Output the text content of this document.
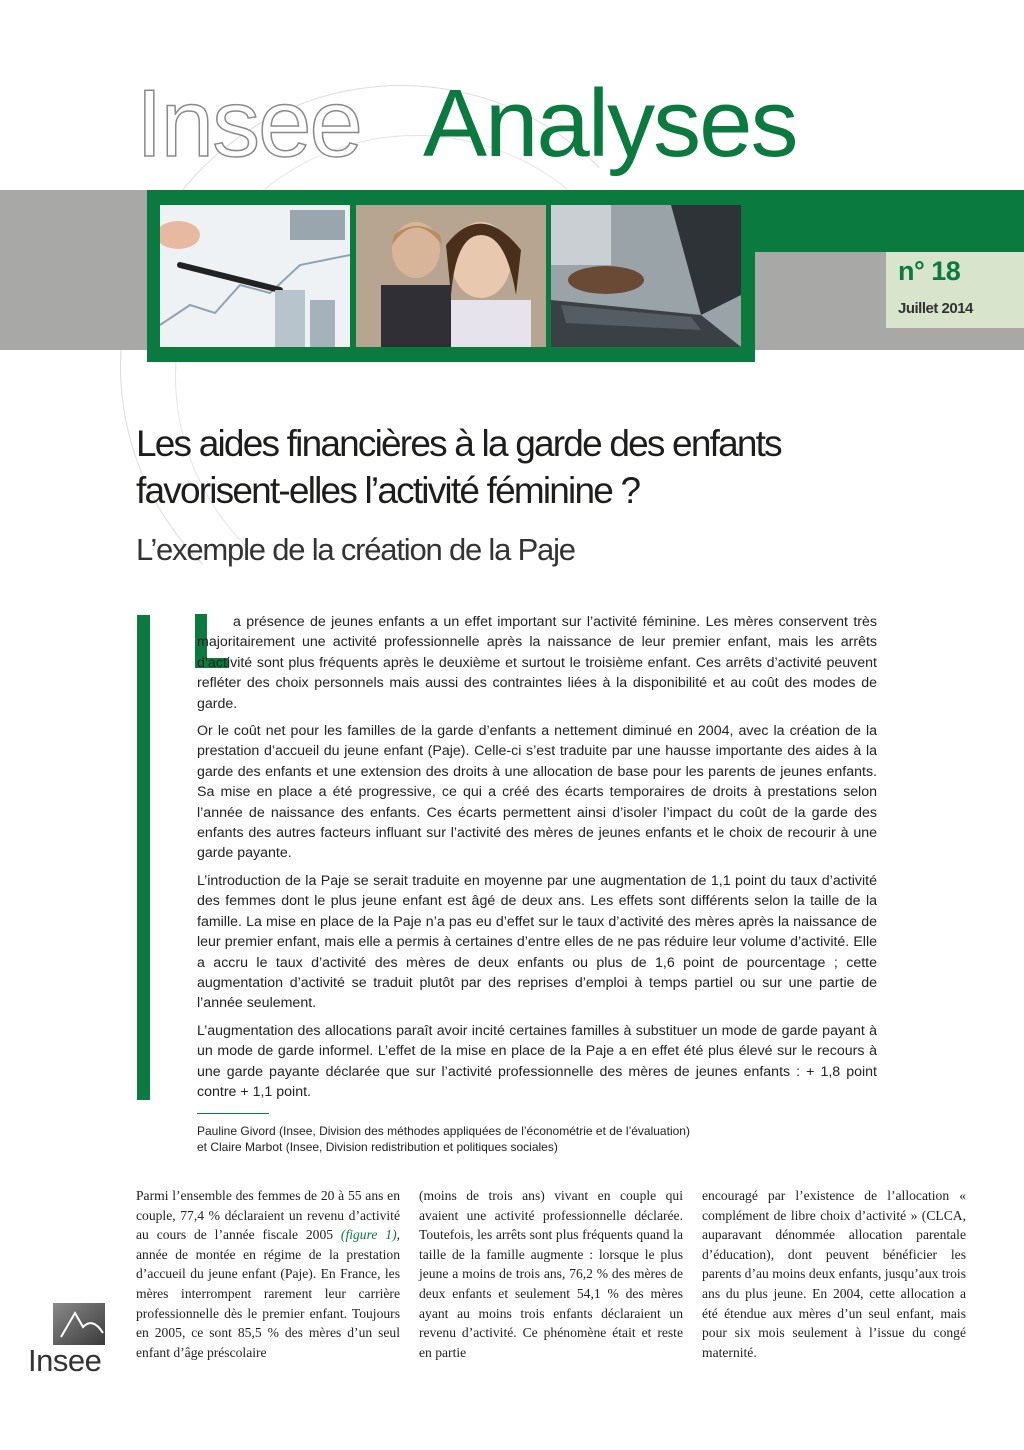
Insee Analyses
n° 18
Juillet 2014
Les aides financières à la garde des enfants favorisent-elles l’activité féminine ?
L’exemple de la création de la Paje

a présence de jeunes enfants a un effet important sur l’activité féminine. Les mères conservent très majoritairement une activité professionnelle après la naissance de leur premier enfant, mais les arrêts d’activité sont plus fréquents après le deuxième et surtout le troisième enfant. Ces arrêts d’activité peuvent refléter des choix personnels mais aussi des contraintes liées à la disponibilité et au coût des modes de garde.

Or le coût net pour les familles de la garde d’enfants a nettement diminué en 2004, avec la création de la prestation d’accueil du jeune enfant (Paje). Celle-ci s’est traduite par une hausse importante des aides à la garde des enfants et une extension des droits à une allocation de base pour les parents de jeunes enfants. Sa mise en place a été progressive, ce qui a créé des écarts temporaires de droits à prestations selon l’année de naissance des enfants. Ces écarts permettent ainsi d’isoler l’impact du coût de la garde des enfants des autres facteurs influant sur l’activité des mères de jeunes enfants et le choix de recourir à une garde payante.

L’introduction de la Paje se serait traduite en moyenne par une augmentation de 1,1 point du taux d’activité des femmes dont le plus jeune enfant est âgé de deux ans. Les effets sont différents selon la taille de la famille. La mise en place de la Paje n’a pas eu d’effet sur le taux d’activité des mères après la naissance de leur premier enfant, mais elle a permis à certaines d’entre elles de ne pas réduire leur volume d’activité. Elle a accru le taux d’activité des mères de deux enfants ou plus de 1,6 point de pourcentage ; cette augmentation d’activité se traduit plutôt par des reprises d’emploi à temps partiel ou sur une partie de l’année seulement.

L’augmentation des allocations paraît avoir incité certaines familles à substituer un mode de garde payant à un mode de garde informel. L’effet de la mise en place de la Paje a en effet été plus élevé sur le recours à une garde payante déclarée que sur l’activité professionnelle des mères de jeunes enfants : + 1,8 point contre + 1,1 point.

Pauline Givord (Insee, Division des méthodes appliquées de l’économétrie et de l’évaluation)
et Claire Marbot (Insee, Division redistribution et politiques sociales)

Parmi l’ensemble des femmes de 20 à 55 ans en couple, 77,4 % déclaraient un revenu d’activité au cours de l’année fiscale 2005 (figure 1), année de montée en régime de la prestation d’accueil du jeune enfant (Paje). En France, les mères interrompent rarement leur carrière professionnelle dès le premier enfant. Toujours en 2005, ce sont 85,5 % des mères d’un seul enfant d’âge préscolaire

(moins de trois ans) vivant en couple qui avaient une activité professionnelle déclarée. Toutefois, les arrêts sont plus fréquents quand la taille de la famille augmente : lorsque le plus jeune a moins de trois ans, 76,2 % des mères de deux enfants et seulement 54,1 % des mères ayant au moins trois enfants déclaraient un revenu d’activité. Ce phénomène était et reste en partie

encouragé par l’existence de l’allocation « complément de libre choix d’activité » (CLCA, auparavant dénommée allocation parentale d’éducation), dont peuvent bénéficier les parents d’au moins deux enfants, jusqu’aux trois ans du plus jeune. En 2004, cette allocation a été étendue aux mères d’un seul enfant, mais pour six mois seulement à l’issue du congé maternité.

Insee
